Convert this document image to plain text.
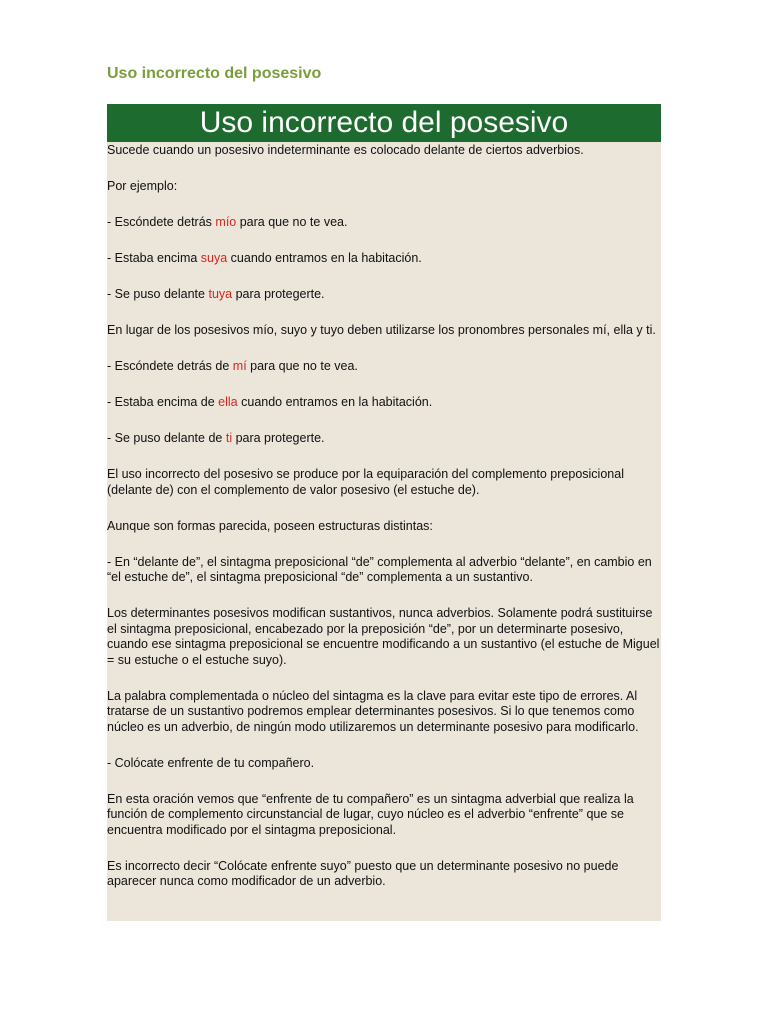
Uso incorrecto del posesivo
Uso incorrecto del posesivo

Sucede cuando un posesivo indeterminante es colocado delante de ciertos adverbios.

Por ejemplo:

- Escóndete detrás mío para que no te vea.

- Estaba encima suya cuando entramos en la habitación.

- Se puso delante tuya para protegerte.

En lugar de los posesivos mío, suyo y tuyo deben utilizarse los pronombres personales mí, ella y ti.

- Escóndete detrás de mí para que no te vea.

- Estaba encima de ella cuando entramos en la habitación.

- Se puso delante de ti para protegerte.

El uso incorrecto del posesivo se produce por la equiparación del complemento preposicional (delante de) con el complemento de valor posesivo (el estuche de).

Aunque son formas parecida, poseen estructuras distintas:

- En “delante de”, el sintagma preposicional “de” complementa al adverbio “delante”, en cambio en “el estuche de”, el sintagma preposicional “de” complementa a un sustantivo.

Los determinantes posesivos modifican sustantivos, nunca adverbios. Solamente podrá sustituirse el sintagma preposicional, encabezado por la preposición “de”, por un determinarte posesivo, cuando ese sintagma preposicional se encuentre modificando a un sustantivo (el estuche de Miguel = su estuche o el estuche suyo).

La palabra complementada o núcleo del sintagma es la clave para evitar este tipo de errores. Al tratarse de un sustantivo podremos emplear determinantes posesivos. Si lo que tenemos como núcleo es un adverbio, de ningún modo utilizaremos un determinante posesivo para modificarlo.

- Colócate enfrente de tu compañero.

En esta oración vemos que “enfrente de tu compañero” es un sintagma adverbial que realiza la función de complemento circunstancial de lugar, cuyo núcleo es el adverbio “enfrente” que se encuentra modificado por el sintagma preposicional.

Es incorrecto decir “Colócate enfrente suyo” puesto que un determinante posesivo no puede aparecer nunca como modificador de un adverbio.
